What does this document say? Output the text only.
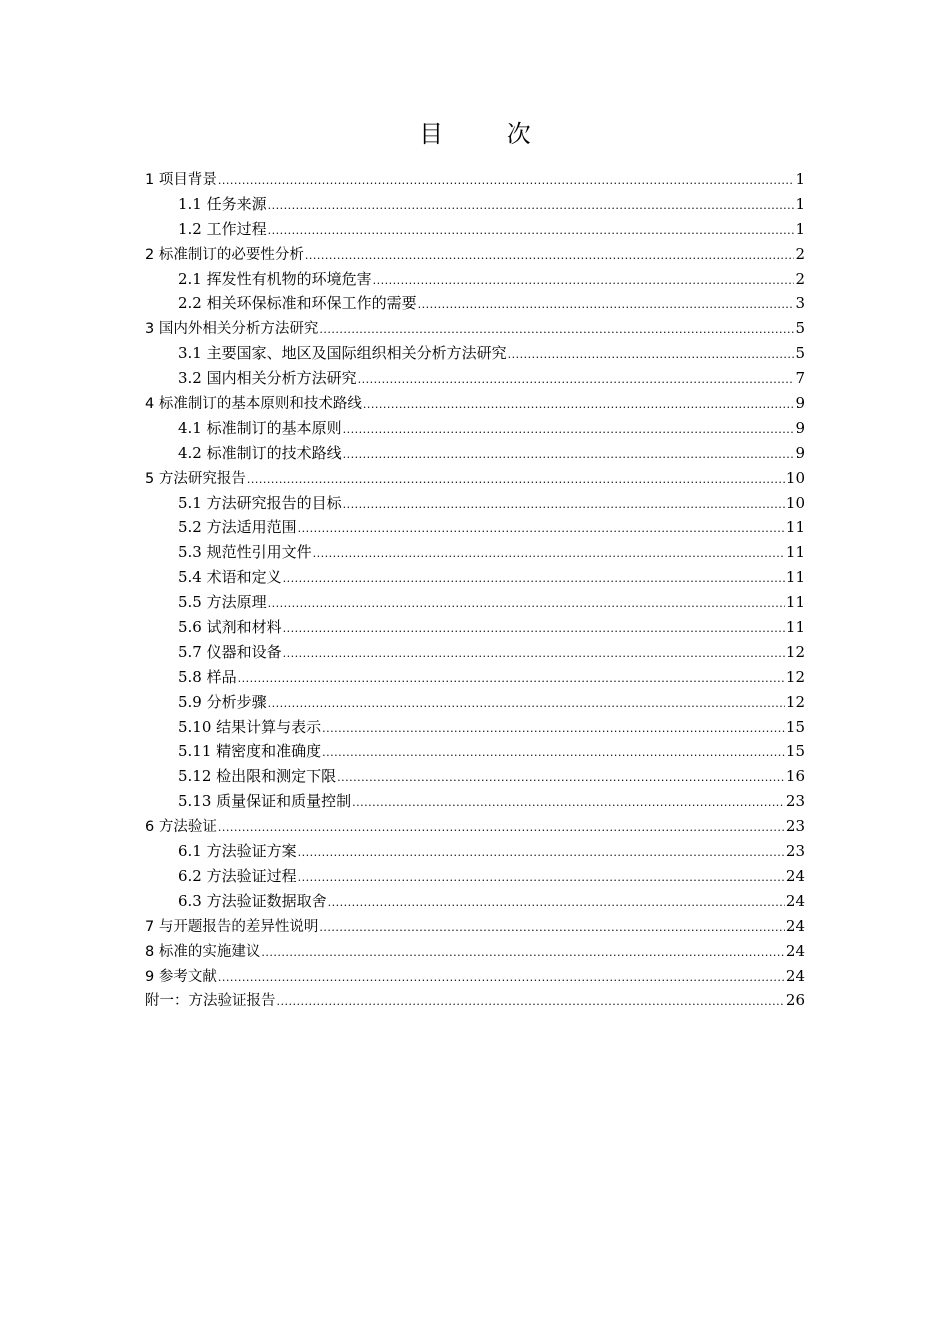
目 次
1 项目背景 .....	1
1.1 任务来源 .....	1
1.2 工作过程 .....	1
2 标准制订的必要性分析 .....	2
2.1 挥发性有机物的环境危害 .....	2
2.2 相关环保标准和环保工作的需要 .....	3
3 国内外相关分析方法研究 .....	5
3.1 主要国家、地区及国际组织相关分析方法研究 .....	5
3.2 国内相关分析方法研究 .....	7
4 标准制订的基本原则和技术路线 .....	9
4.1 标准制订的基本原则 .....	9
4.2 标准制订的技术路线 .....	9
5 方法研究报告 .....	10
5.1 方法研究报告的目标 .....	10
5.2 方法适用范围 .....	11
5.3 规范性引用文件 .....	11
5.4 术语和定义 .....	11
5.5 方法原理 .....	11
5.6 试剂和材料 .....	11
5.7 仪器和设备 .....	12
5.8 样品 .....	12
5.9 分析步骤 .....	12
5.10 结果计算与表示 .....	15
5.11 精密度和准确度 .....	15
5.12 检出限和测定下限 .....	16
5.13 质量保证和质量控制 .....	23
6 方法验证 .....	23
6.1 方法验证方案 .....	23
6.2 方法验证过程 .....	24
6.3 方法验证数据取舍 .....	24
7 与开题报告的差异性说明 .....	24
8 标准的实施建议 .....	24
9 参考文献 .....	24
附一：方法验证报告 .....	26
